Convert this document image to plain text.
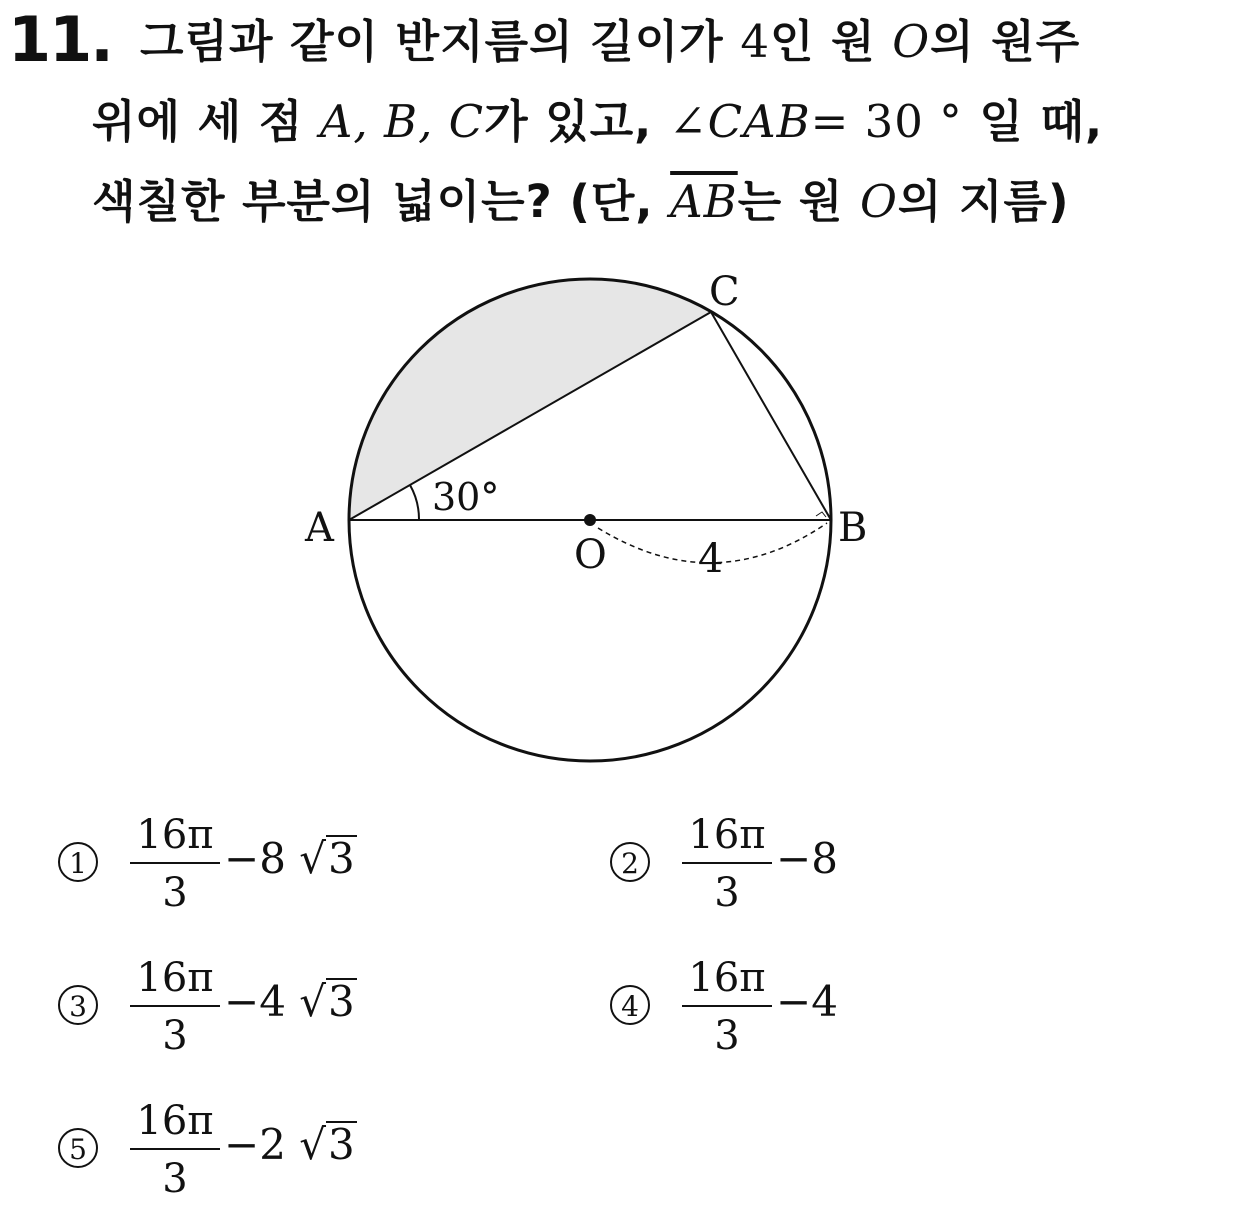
11. 그림과 같이 반지름의 길이가 4인 원 O의 원주
위에 세 점 A, B, C가 있고, ∠CAB= 30 ° 일 때,
색칠한 부분의 넓이는? (단, $\overline{AB}$는 원 O의 지름)
A	B
C
O
30°
4
1
16π
3
−8 √3	2
16π
3
−8
3
16π
3
−4 √3	4
16π
3
−4
5
16π
3
−2 √3
